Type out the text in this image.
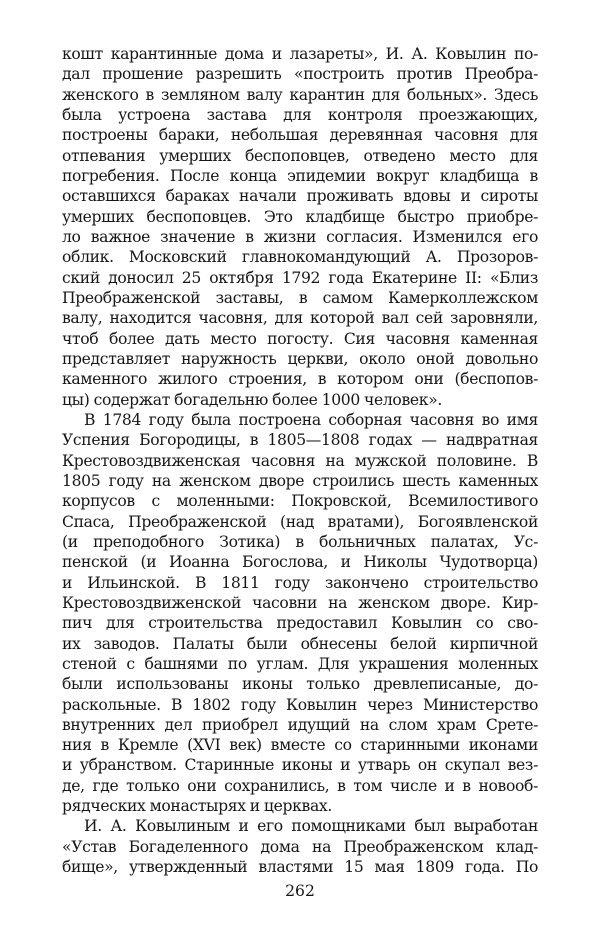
кошт карантинные дома и лазареты», И. А. Ковылин по-
дал прошение разрешить «построить против Преобра-
женского в земляном валу карантин для больных». Здесь
была устроена застава для контроля проезжающих,
построены бараки, небольшая деревянная часовня для
отпевания умерших беспоповцев, отведено место для
погребения. После конца эпидемии вокруг кладбища в
оставшихся бараках начали проживать вдовы и сироты
умерших беспоповцев. Это кладбище быстро приобре-
ло важное значение в жизни согласия. Изменился его
облик. Московский главнокомандующий А. Прозоров-
ский доносил 25 октября 1792 года Екатерине II: «Близ
Преображенской заставы, в самом Камерколлежском
валу, находится часовня, для которой вал сей заровняли,
чтоб более дать место погосту. Сия часовня каменная
представляет наружность церкви, около оной довольно
каменного жилого строения, в котором они (беспопов-
цы) содержат богадельню более 1000 человек».
В 1784 году была построена соборная часовня во имя
Успения Богородицы, в 1805—1808 годах — надвратная
Крестовоздвиженская часовня на мужской половине. В
1805 году на женском дворе строились шесть каменных
корпусов с моленными: Покровской, Всемилостивого
Спаса, Преображенской (над вратами), Богоявленской
(и преподобного Зотика) в больничных палатах, Ус-
пенской (и Иоанна Богослова, и Николы Чудотворца)
и Ильинской. В 1811 году закончено строительство
Крестовоздвиженской часовни на женском дворе. Кир-
пич для строительства предоставил Ковылин со сво-
их заводов. Палаты были обнесены белой кирпичной
стеной с башнями по углам. Для украшения моленных
были использованы иконы только древлеписаные, до-
раскольные. В 1802 году Ковылин через Министерство
внутренних дел приобрел идущий на слом храм Срете-
ния в Кремле (XVI век) вместе со старинными иконами
и убранством. Старинные иконы и утварь он скупал вез-
де, где только они сохранились, в том числе и в новооб-
рядческих монастырях и церквах.
И. А. Ковылиным и его помощниками был выработан
«Устав Богаделенного дома на Преображенском клад-
бище», утвержденный властями 15 мая 1809 года. По
262
